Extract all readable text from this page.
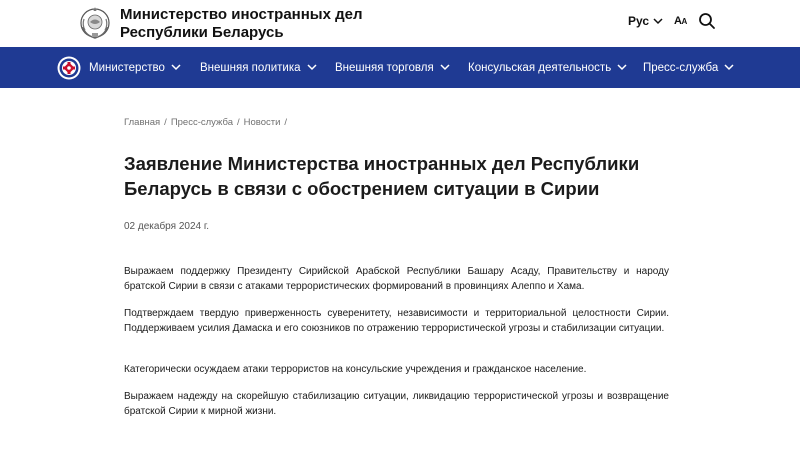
Министерство иностранных дел
Республики Беларусь
Рус AA
Министерство	Внешняя политика	Внешняя торговля	Консульская деятельность	Пресс-служба
Главная / Пресс-служба / Новости /
Заявление Министерства иностранных дел Республики Беларусь в связи с обострением ситуации в Сирии
02 декабря 2024 г.

Выражаем поддержку Президенту Сирийской Арабской Республики Башару Асаду, Правительству и народу братской Сирии в связи с атаками террористических формирований в провинциях Алеппо и Хама.

Подтверждаем твердую приверженность суверенитету, независимости и территориальной целостности Сирии. Поддерживаем усилия Дамаска и его союзников по отражению террористической угрозы и стабилизации ситуации.

Категорически осуждаем атаки террористов на консульские учреждения и гражданское население.

Выражаем надежду на скорейшую стабилизацию ситуации, ликвидацию террористической угрозы и возвращение братской Сирии к мирной жизни.
